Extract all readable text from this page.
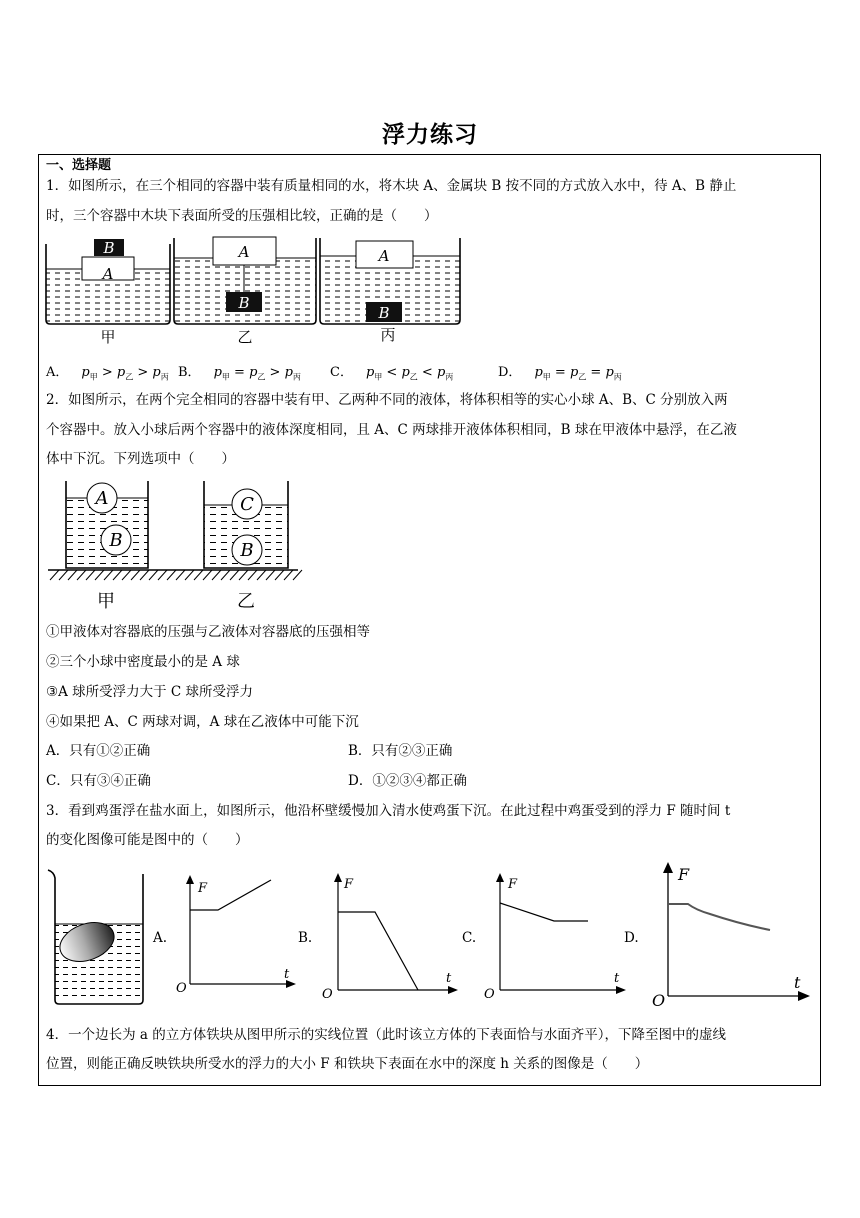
浮力练习
一、选择题
1．如图所示，在三个相同的容器中装有质量相同的水，将木块 A、金属块 B 按不同的方式放入水中，待 A、B 静止
时，三个容器中木块下表面所受的压强相比较，正确的是（　　）
A
B	A
B
A
B
甲	乙	丙
A． $p_甲 > p_乙 > p_丙$ B． $p_甲 = p_乙 > p_丙$ C． $p_甲 < p_乙 < p_丙$	D． $p_甲 = p_乙 = p_丙$
2．如图所示，在两个完全相同的容器中装有甲、乙两种不同的液体，将体积相等的实心小球 A、B、C 分别放入两
个容器中。放入小球后两个容器中的液体深度相同，且 A、C 两球排开液体体积相同，B 球在甲液体中悬浮，在乙液
体中下沉。下列选项中（　　）
A
B
C
B
甲	乙
①甲液体对容器底的压强与乙液体对容器底的压强相等
②三个小球中密度最小的是 A 球
③A 球所受浮力大于 C 球所受浮力
④如果把 A、C 两球对调，A 球在乙液体中可能下沉
A．只有①②正确	B．只有②③正确
C．只有③④正确	D．①②③④都正确
3．看到鸡蛋浮在盐水面上，如图所示，他沿杯壁缓慢加入清水使鸡蛋下沉。在此过程中鸡蛋受到的浮力 F 随时间 t
的变化图像可能是图中的（　　）
A.
F
t
O
B.
F
t
O
C.
F
t
O
D.
F
t
O
4．一个边长为 a 的立方体铁块从图甲所示的实线位置（此时该立方体的下表面恰与水面齐平），下降至图中的虚线
位置，则能正确反映铁块所受水的浮力的大小 F 和铁块下表面在水中的深度 h 关系的图像是（　　）
